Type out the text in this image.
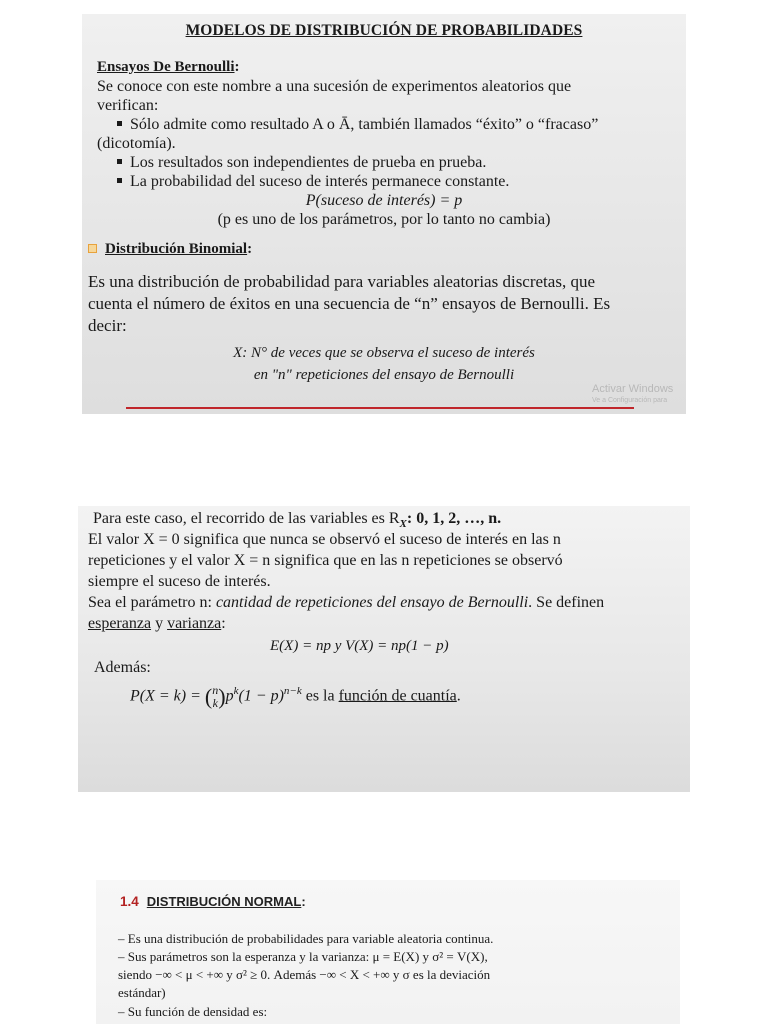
MODELOS DE DISTRIBUCIÓN DE PROBABILIDADES
Ensayos De Bernoulli:
Se conoce con este nombre a una sucesión de experimentos aleatorios que
verifican:
Sólo admite como resultado A o Ā, también llamados “éxito” o “fracaso”
(dicotomía).
Los resultados son independientes de prueba en prueba.
La probabilidad del suceso de interés permanece constante.
P(suceso de interés) = p
(p es uno de los parámetros, por lo tanto no cambia)
Distribución Binomial:
Es una distribución de probabilidad para variables aleatorias discretas, que
cuenta el número de éxitos en una secuencia de “n” ensayos de Bernoulli. Es
decir:
X: N° de veces que se observa el suceso de interés
en "n" repeticiones del ensayo de Bernoulli
Activar Windows
Ve a Configuración para
Para este caso, el recorrido de las variables es $R_X$: 0, 1, 2, …, n.
El valor X = 0 significa que nunca se observó el suceso de interés en las n
repeticiones y el valor X = n significa que en las n repeticiones se observó
siempre el suceso de interés.
Sea el parámetro n: cantidad de repeticiones del ensayo de Bernoulli. Se definen
esperanza y varianza:
E(X) = np y V(X) = np(1 − p)
Además:
P(X = k) = ( n
k )$p^k(1 - p)^{n-k}$ es la función de cuantía.
1.4 DISTRIBUCIÓN NORMAL:
– Es una distribución de probabilidades para variable aleatoria continua.
– Sus parámetros son la esperanza y la varianza: μ = E(X) y σ² = V(X),
siendo −∞ < μ < +∞ y σ² ≥ 0. Además −∞ < X < +∞ y σ es la deviación
estándar)
– Su función de densidad es:
